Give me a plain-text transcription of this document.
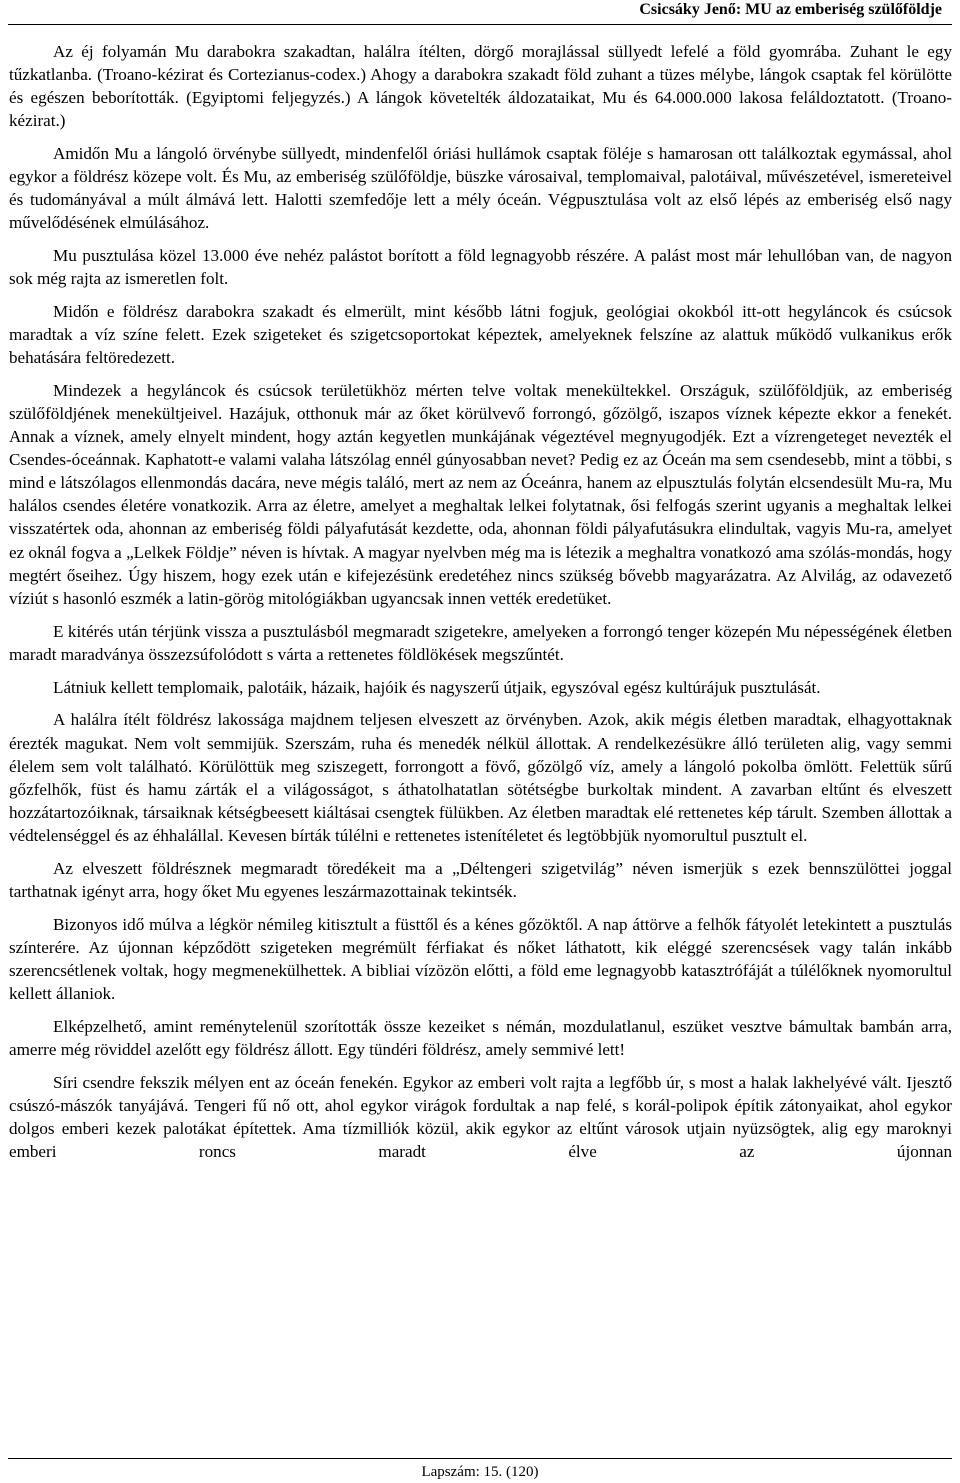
Csicsáky Jenő: MU az emberiség szülőföldje

Az éj folyamán Mu darabokra szakadtan, halálra ítélten, dörgő morajlással süllyedt lefelé a föld gyomrába. Zuhant le egy tűzkatlanba. (Troano-kézirat és Cortezianus-codex.) Ahogy a darabokra szakadt föld zuhant a tüzes mélybe, lángok csaptak fel körülötte és egészen beborították. (Egyiptomi feljegyzés.) A lángok követelték áldozataikat, Mu és 64.000.000 lakosa feláldoztatott. (Troano-kézirat.)

Amidőn Mu a lángoló örvénybe süllyedt, mindenfelől óriási hullámok csaptak föléje s hamarosan ott találkoztak egymással, ahol egykor a földrész közepe volt. És Mu, az emberiség szülőföldje, büszke városaival, templomaival, palotáival, művészetével, ismereteivel és tudományával a múlt álmává lett. Halotti szemfedője lett a mély óceán. Végpusztulása volt az első lépés az emberiség első nagy művelődésének elmúlásához.

Mu pusztulása közel 13.000 éve nehéz palástot borított a föld legnagyobb részére. A palást most már lehullóban van, de nagyon sok még rajta az ismeretlen folt.

Midőn e földrész darabokra szakadt és elmerült, mint később látni fogjuk, geológiai okokból itt-ott hegyláncok és csúcsok maradtak a víz színe felett. Ezek szigeteket és szigetcsoportokat képeztek, amelyeknek felszíne az alattuk működő vulkanikus erők behatására feltöredezett.

Mindezek a hegyláncok és csúcsok területükhöz mérten telve voltak menekültekkel. Országuk, szülőföldjük, az emberiség szülőföldjének menekültjeivel. Hazájuk, otthonuk már az őket körülvevő forrongó, gőzölgő, iszapos víznek képezte ekkor a fenekét. Annak a víznek, amely elnyelt mindent, hogy aztán kegyetlen munkájának végeztével megnyugodjék. Ezt a vízrengeteget nevezték el Csendes-óceánnak. Kaphatott-e valami valaha látszólag ennél gúnyosabban nevet? Pedig ez az Óceán ma sem csendesebb, mint a többi, s mind e látszólagos ellenmondás dacára, neve mégis találó, mert az nem az Óceánra, hanem az elpusztulás folytán elcsendesült Mu-ra, Mu halálos csendes életére vonatkozik. Arra az életre, amelyet a meghaltak lelkei folytatnak, ősi felfogás szerint ugyanis a meghaltak lelkei visszatértek oda, ahonnan az emberiség földi pályafutását kezdette, oda, ahonnan földi pályafutásukra elindultak, vagyis Mu-ra, amelyet ez oknál fogva a „Lelkek Földje” néven is hívtak. A magyar nyelvben még ma is létezik a meghaltra vonatkozó ama szólás-mondás, hogy megtért őseihez. Úgy hiszem, hogy ezek után e kifejezésünk eredetéhez nincs szükség bővebb magyarázatra. Az Alvilág, az odavezető víziút s hasonló eszmék a latin-görög mitológiákban ugyancsak innen vették eredetüket.

E kitérés után térjünk vissza a pusztulásból megmaradt szigetekre, amelyeken a forrongó tenger közepén Mu népességének életben maradt maradványa összezsúfolódott s várta a rettenetes földlökések megszűntét.

Látniuk kellett templomaik, palotáik, házaik, hajóik és nagyszerű útjaik, egyszóval egész kultúrájuk pusztulását.

A halálra ítélt földrész lakossága majdnem teljesen elveszett az örvényben. Azok, akik mégis életben maradtak, elhagyottaknak érezték magukat. Nem volt semmijük. Szerszám, ruha és menedék nélkül állottak. A rendelkezésükre álló területen alig, vagy semmi élelem sem volt található. Körülöttük meg sziszegett, forrongott a fövő, gőzölgő víz, amely a lángoló pokolba ömlött. Felettük sűrű gőzfelhők, füst és hamu zárták el a világosságot, s áthatolhatatlan sötétségbe burkoltak mindent. A zavarban eltűnt és elveszett hozzátartozóiknak, társaiknak kétségbeesett kiáltásai csengtek fülükben. Az életben maradtak elé rettenetes kép tárult. Szemben állottak a védtelenséggel és az éhhalállal. Kevesen bírták túlélni e rettenetes istenítéletet és legtöbbjük nyomorultul pusztult el.

Az elveszett földrésznek megmaradt töredékeit ma a „Déltengeri szigetvilág” néven ismerjük s ezek bennszülöttei joggal tarthatnak igényt arra, hogy őket Mu egyenes leszármazottainak tekintsék.

Bizonyos idő múlva a légkör némileg kitisztult a füsttől és a kénes gőzöktől. A nap áttörve a felhők fátyolét letekintett a pusztulás színterére. Az újonnan képződött szigeteken megrémült férfiakat és nőket láthatott, kik eléggé szerencsések vagy talán inkább szerencsétlenek voltak, hogy megmenekülhettek. A bibliai vízözön előtti, a föld eme legnagyobb katasztrófáját a túlélőknek nyomorultul kellett állaniok.

Elképzelhető, amint reménytelenül szorították össze kezeiket s némán, mozdulatlanul, eszüket vesztve bámultak bambán arra, amerre még röviddel azelőtt egy földrész állott. Egy tündéri földrész, amely semmivé lett!

Síri csendre fekszik mélyen ent az óceán fenekén. Egykor az emberi volt rajta a legfőbb úr, s most a halak lakhelyévé vált. Ijesztő csúszó-mászók tanyájává. Tengeri fű nő ott, ahol egykor virágok fordultak a nap felé, s korál-polipok építik zátonyaikat, ahol egykor dolgos emberi kezek palotákat építettek. Ama tízmilliók közül, akik egykor az eltűnt városok utjain nyüzsögtek, alig egy maroknyi emberi roncs maradt élve az újonnan

Lapszám: 15. (120)
